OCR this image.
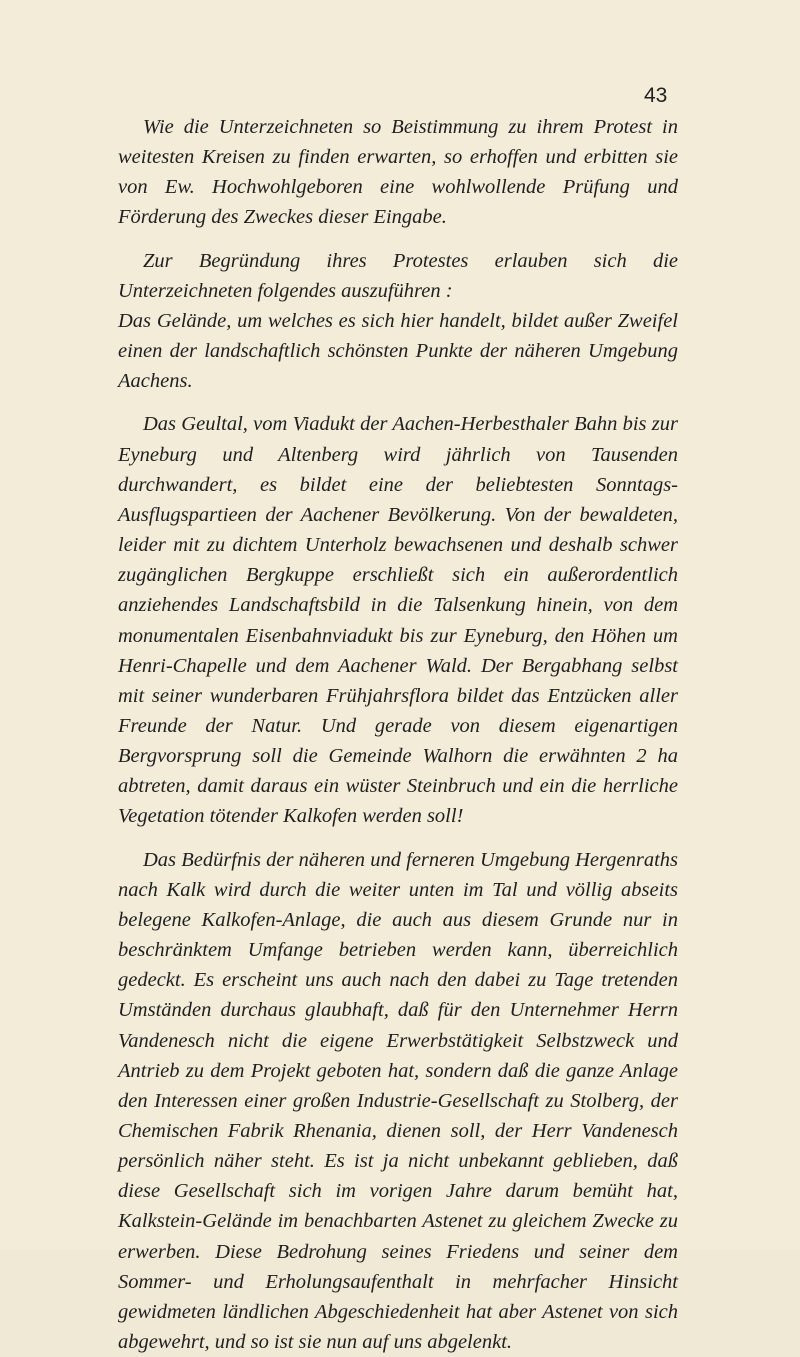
43

Wie die Unterzeichneten so Beistimmung zu ihrem Protest in weitesten Kreisen zu finden erwarten, so erhoffen und erbitten sie von Ew. Hochwohlgeboren eine wohlwollende Prüfung und Förderung des Zweckes dieser Eingabe.

Zur Begründung ihres Protestes erlauben sich die Unterzeichneten folgendes auszuführen :

Das Gelände, um welches es sich hier handelt, bildet außer Zweifel einen der landschaftlich schönsten Punkte der näheren Umgebung Aachens.

Das Geultal, vom Viadukt der Aachen-Herbesthaler Bahn bis zur Eyneburg und Altenberg wird jährlich von Tausenden durchwandert, es bildet eine der beliebtesten Sonntags-Ausflugspartieen der Aachener Bevölkerung. Von der bewaldeten, leider mit zu dichtem Unterholz bewachsenen und deshalb schwer zugänglichen Bergkuppe erschließt sich ein außerordentlich anziehendes Landschaftsbild in die Talsenkung hinein, von dem monumentalen Eisenbahnviadukt bis zur Eyneburg, den Höhen um Henri-Chapelle und dem Aachener Wald. Der Bergabhang selbst mit seiner wunderbaren Frühjahrsflora bildet das Entzücken aller Freunde der Natur. Und gerade von diesem eigenartigen Bergvorsprung soll die Gemeinde Walhorn die erwähnten 2 ha abtreten, damit daraus ein wüster Steinbruch und ein die herrliche Vegetation tötender Kalkofen werden soll!

Das Bedürfnis der näheren und ferneren Umgebung Hergenraths nach Kalk wird durch die weiter unten im Tal und völlig abseits belegene Kalkofen-Anlage, die auch aus diesem Grunde nur in beschränktem Umfange betrieben werden kann, überreichlich gedeckt. Es erscheint uns auch nach den dabei zu Tage tretenden Umständen durchaus glaubhaft, daß für den Unternehmer Herrn Vandenesch nicht die eigene Erwerbstätigkeit Selbstzweck und Antrieb zu dem Projekt geboten hat, sondern daß die ganze Anlage den Interessen einer großen Industrie-Gesellschaft zu Stolberg, der Chemischen Fabrik Rhenania, dienen soll, der Herr Vandenesch persönlich näher steht. Es ist ja nicht unbekannt geblieben, daß diese Gesellschaft sich im vorigen Jahre darum bemüht hat, Kalkstein-Gelände im benachbarten Astenet zu gleichem Zwecke zu erwerben. Diese Bedrohung seines Friedens und seiner dem Sommer- und Erholungsaufenthalt in mehrfacher Hinsicht gewidmeten ländlichen Abgeschiedenheit hat aber Astenet von sich abgewehrt, und so ist sie nun auf uns abgelenkt.
